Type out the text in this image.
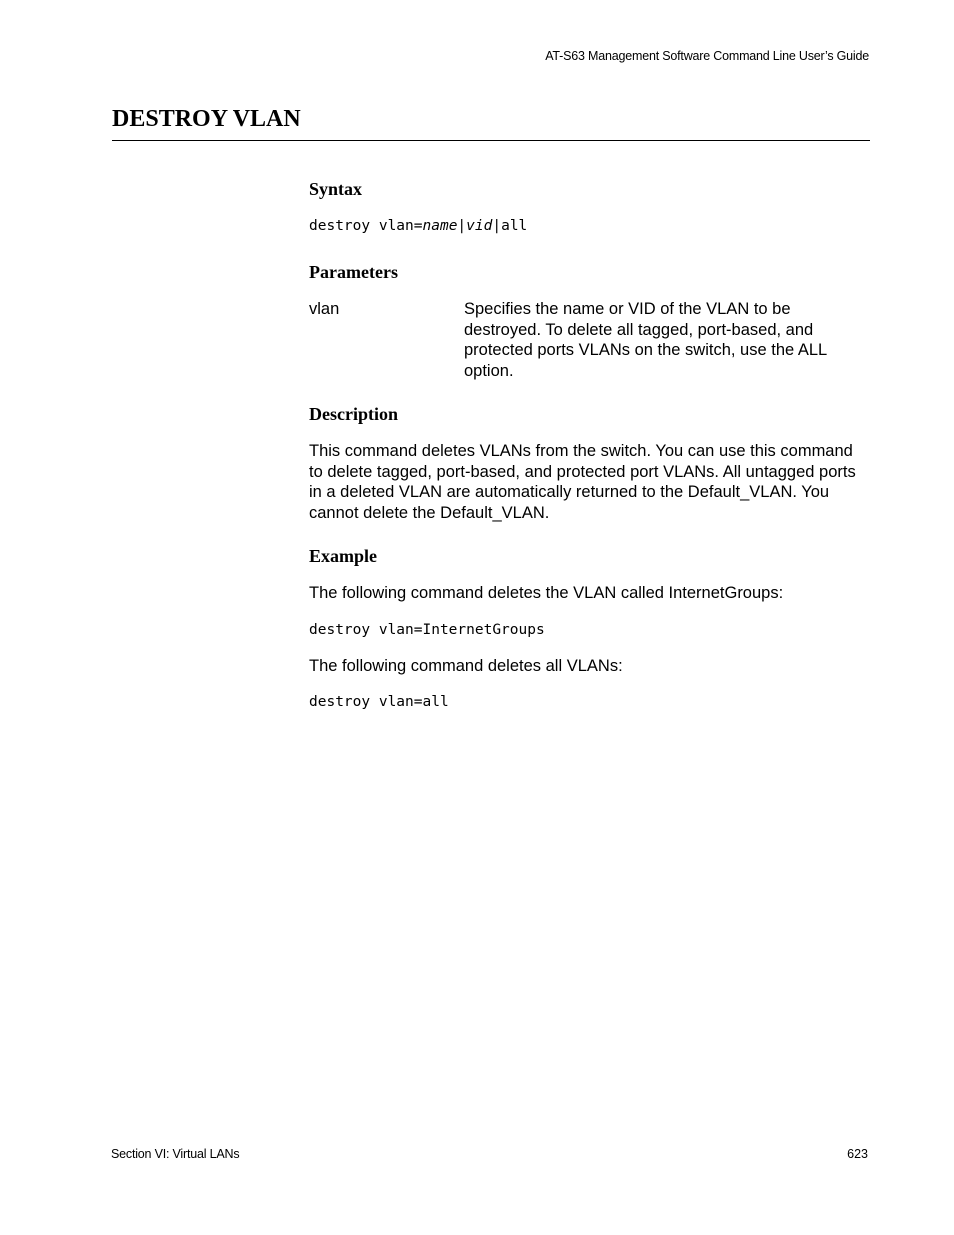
AT-S63 Management Software Command Line User’s Guide
DESTROY VLAN
Syntax
destroy vlan=name|vid|all
Parameters
vlan	Specifies the name or VID of the VLAN to be destroyed. To delete all tagged, port-based, and protected ports VLANs on the switch, use the ALL option.
Description

This command deletes VLANs from the switch. You can use this command to delete tagged, port-based, and protected port VLANs. All untagged ports in a deleted VLAN are automatically returned to the Default_VLAN. You cannot delete the Default_VLAN.

Example

The following command deletes the VLAN called InternetGroups:

destroy vlan=InternetGroups

The following command deletes all VLANs:

destroy vlan=all
Section VI: Virtual LANs	623
